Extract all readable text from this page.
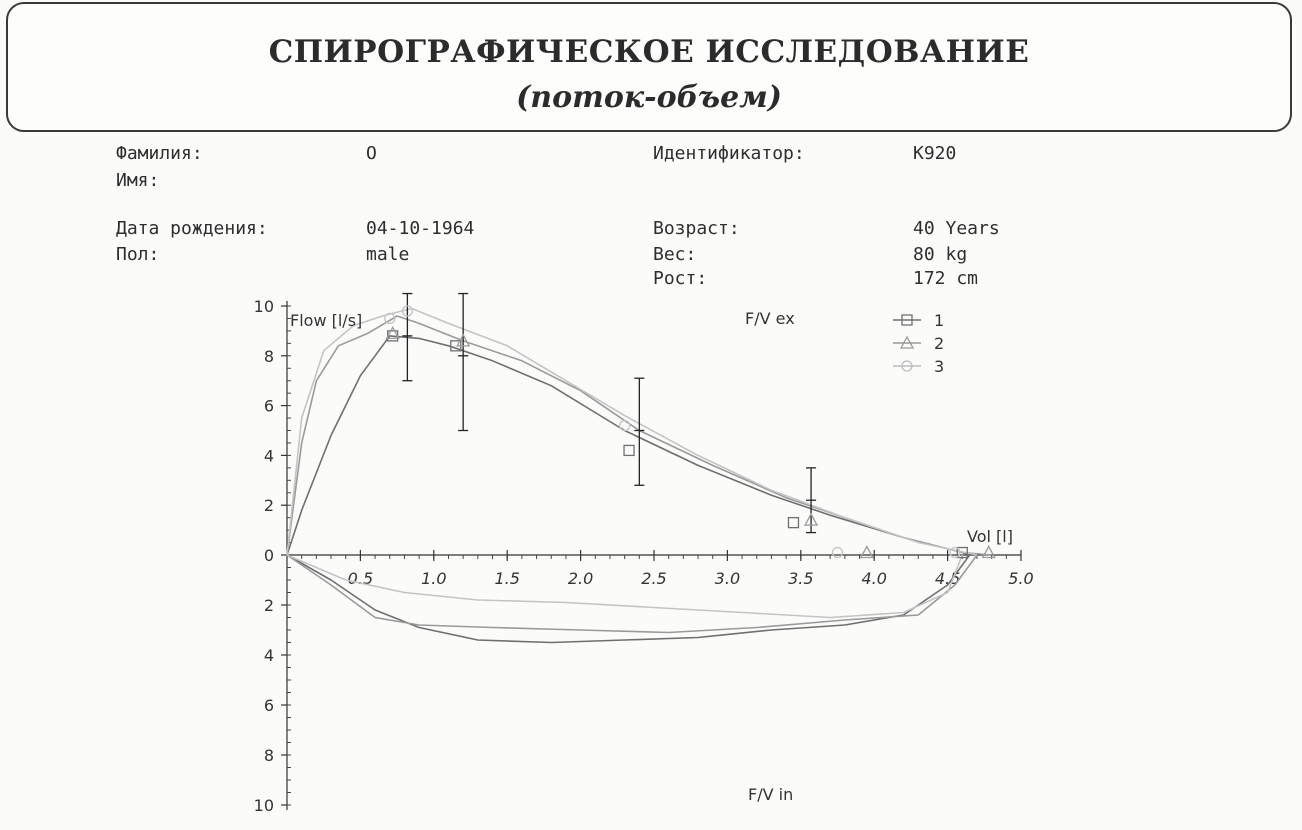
СПИРОГРАФИЧЕСКОЕ ИССЛЕДОВАНИЕ
(поток-объем)
Фамилия:	О	Идентификатор:	К920
Имя:
Дата рождения:	04-10-1964	Возраст:	40 Years
Пол:	male	Вес:	80 kg
Рост:	172 cm
0.5	1.0	1.5	2.0	2.5	3.0	3.5	4.0	4.5	5.0
0
2
4
6
8
10
2
4
6
8
10
Flow [l/s]
Vol [l]
F/V ex
F/V in
1
2
3
